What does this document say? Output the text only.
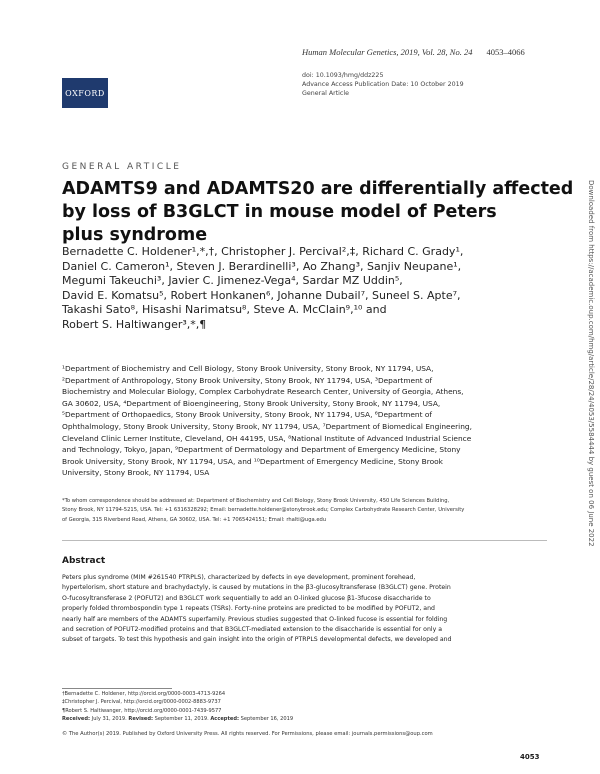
OXFORD
Human Molecular Genetics, 2019, Vol. 28, No. 24 4053–4066
doi: 10.1093/hmg/ddz225
Advance Access Publication Date: 10 October 2019
General Article
GENERAL ARTICLE
ADAMTS9 and ADAMTS20 are differentially affected
by loss of B3GLCT in mouse model of Peters
plus syndrome
Bernadette C. Holdener¹,*,†, Christopher J. Percival²,‡, Richard C. Grady¹,
Daniel C. Cameron¹, Steven J. Berardinelli³, Ao Zhang³, Sanjiv Neupane¹,
Megumi Takeuchi³, Javier C. Jimenez-Vega⁴, Sardar MZ Uddin⁵,
David E. Komatsu⁵, Robert Honkanen⁶, Johanne Dubail⁷, Suneel S. Apte⁷,
Takashi Sato⁸, Hisashi Narimatsu⁸, Steve A. McClain⁹,¹⁰ and
Robert S. Haltiwanger³,*,¶
¹Department of Biochemistry and Cell Biology, Stony Brook University, Stony Brook, NY 11794, USA,
²Department of Anthropology, Stony Brook University, Stony Brook, NY 11794, USA, ³Department of
Biochemistry and Molecular Biology, Complex Carbohydrate Research Center, University of Georgia, Athens,
GA 30602, USA, ⁴Department of Bioengineering, Stony Brook University, Stony Brook, NY 11794, USA,
⁵Department of Orthopaedics, Stony Brook University, Stony Brook, NY 11794, USA, ⁶Department of
Ophthalmology, Stony Brook University, Stony Brook, NY 11794, USA, ⁷Department of Biomedical Engineering,
Cleveland Clinic Lerner Institute, Cleveland, OH 44195, USA, ⁸National Institute of Advanced Industrial Science
and Technology, Tokyo, Japan, ⁹Department of Dermatology and Department of Emergency Medicine, Stony
Brook University, Stony Brook, NY 11794, USA, and ¹⁰Department of Emergency Medicine, Stony Brook
University, Stony Brook, NY 11794, USA
*To whom correspondence should be addressed at: Department of Biochemistry and Cell Biology, Stony Brook University, 450 Life Sciences Building,
Stony Brook, NY 11794-5215, USA. Tel: +1 6316328292; Email: bernadette.holdener@stonybrook.edu; Complex Carbohydrate Research Center, University
of Georgia, 315 Riverbend Road, Athens, GA 30602, USA. Tel: +1 7065424151; Email: rhalti@uga.edu
Abstract
Peters plus syndrome (MIM #261540 PTRPLS), characterized by defects in eye development, prominent forehead,
hypertelorism, short stature and brachydactyly, is caused by mutations in the β3-glucosyltransferase (B3GLCT) gene. Protein
O-fucosyltransferase 2 (POFUT2) and B3GLCT work sequentially to add an O-linked glucose β1-3fucose disaccharide to
properly folded thrombospondin type 1 repeats (TSRs). Forty-nine proteins are predicted to be modified by POFUT2, and
nearly half are members of the ADAMTS superfamily. Previous studies suggested that O-linked fucose is essential for folding
and secretion of POFUT2-modified proteins and that B3GLCT-mediated extension to the disaccharide is essential for only a
subset of targets. To test this hypothesis and gain insight into the origin of PTRPLS developmental defects, we developed and
†Bernadette C. Holdener, http://orcid.org/0000-0003-4713-9264
‡Christopher J. Percival, http://orcid.org/0000-0002-8883-9737
¶Robert S. Haltiwanger, http://orcid.org/0000-0001-7439-9577
Received: July 31, 2019. Revised: September 11, 2019. Accepted: September 16, 2019
© The Author(s) 2019. Published by Oxford University Press. All rights reserved. For Permissions, please email: journals.permissions@oup.com
4053
Downloaded from https://academic.oup.com/hmg/article/28/24/4053/5584444 by guest on 06 June 2022
